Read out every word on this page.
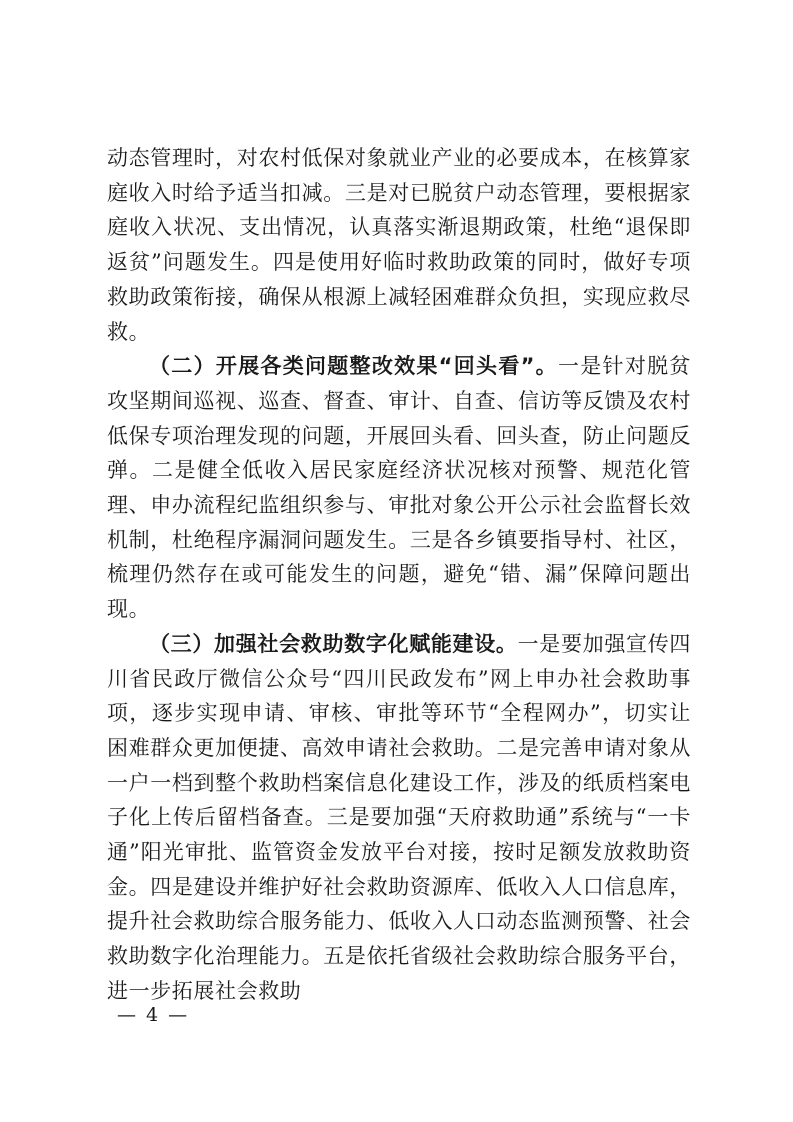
动态管理时，对农村低保对象就业产业的必要成本，在核算家庭收入时给予适当扣减。三是对已脱贫户动态管理，要根据家庭收入状况、支出情况，认真落实渐退期政策，杜绝“退保即返贫”问题发生。四是使用好临时救助政策的同时，做好专项救助政策衔接，确保从根源上减轻困难群众负担，实现应救尽救。

（二）开展各类问题整改效果“回头看”。一是针对脱贫攻坚期间巡视、巡查、督查、审计、自查、信访等反馈及农村低保专项治理发现的问题，开展回头看、回头查，防止问题反弹。二是健全低收入居民家庭经济状况核对预警、规范化管理、申办流程纪监组织参与、审批对象公开公示社会监督长效机制，杜绝程序漏洞问题发生。三是各乡镇要指导村、社区，梳理仍然存在或可能发生的问题，避免“错、漏”保障问题出现。

（三）加强社会救助数字化赋能建设。一是要加强宣传四川省民政厅微信公众号“四川民政发布”网上申办社会救助事项，逐步实现申请、审核、审批等环节“全程网办”，切实让困难群众更加便捷、高效申请社会救助。二是完善申请对象从一户一档到整个救助档案信息化建设工作，涉及的纸质档案电子化上传后留档备查。三是要加强“天府救助通”系统与“一卡通”阳光审批、监管资金发放平台对接，按时足额发放救助资金。四是建设并维护好社会救助资源库、低收入人口信息库，提升社会救助综合服务能力、低收入人口动态监测预警、社会救助数字化治理能力。五是依托省级社会救助综合服务平台，进一步拓展社会救助

— 4 —
